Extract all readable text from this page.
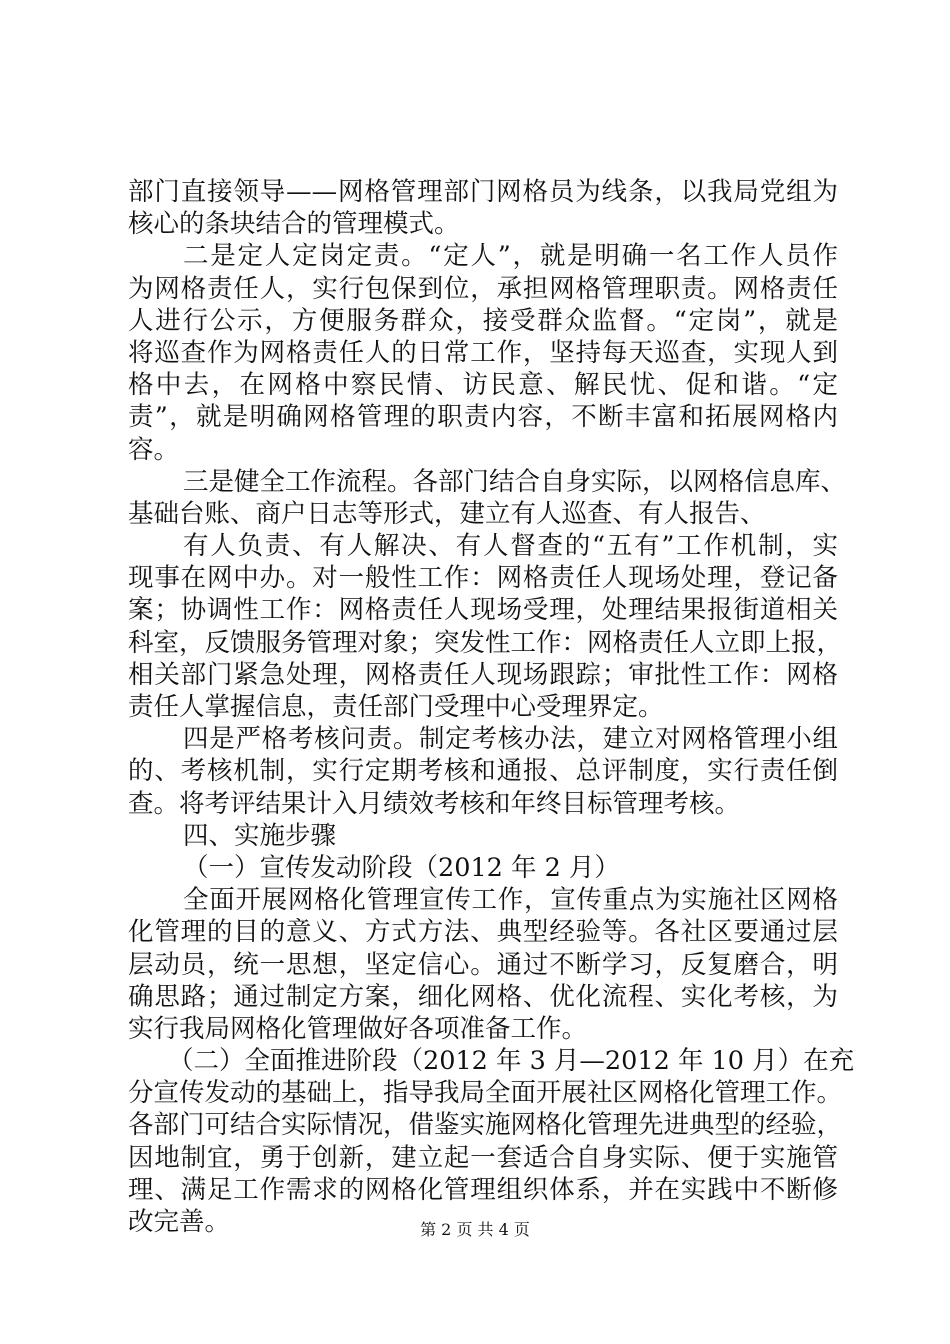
部门直接领导——网格管理部门网格员为线条，以我局党组为
核心的条块结合的管理模式。
二是定人定岗定责。“定人”，就是明确一名工作人员作
为网格责任人，实行包保到位，承担网格管理职责。网格责任
人进行公示，方便服务群众，接受群众监督。“定岗”，就是
将巡查作为网格责任人的日常工作，坚持每天巡查，实现人到
格中去，在网格中察民情、访民意、解民忧、促和谐。“定
责”，就是明确网格管理的职责内容，不断丰富和拓展网格内
容。
三是健全工作流程。各部门结合自身实际，以网格信息库、
基础台账、商户日志等形式，建立有人巡查、有人报告、
有人负责、有人解决、有人督查的“五有”工作机制，实
现事在网中办。对一般性工作：网格责任人现场处理，登记备
案；协调性工作：网格责任人现场受理，处理结果报街道相关
科室，反馈服务管理对象；突发性工作：网格责任人立即上报，
相关部门紧急处理，网格责任人现场跟踪；审批性工作：网格
责任人掌握信息，责任部门受理中心受理界定。
四是严格考核问责。制定考核办法，建立对网格管理小组
的、考核机制，实行定期考核和通报、总评制度，实行责任倒
查。将考评结果计入月绩效考核和年终目标管理考核。
四、实施步骤
（一）宣传发动阶段（2012 年 2 月）
全面开展网格化管理宣传工作，宣传重点为实施社区网格
化管理的目的意义、方式方法、典型经验等。各社区要通过层
层动员，统一思想，坚定信心。通过不断学习，反复磨合，明
确思路；通过制定方案，细化网格、优化流程、实化考核，为
实行我局网格化管理做好各项准备工作。
（二）全面推进阶段（2012 年 3 月—2012 年 10 月）在充
分宣传发动的基础上，指导我局全面开展社区网格化管理工作。
各部门可结合实际情况，借鉴实施网格化管理先进典型的经验，
因地制宜，勇于创新，建立起一套适合自身实际、便于实施管
理、满足工作需求的网格化管理组织体系，并在实践中不断修
改完善。	第 2 页 共 4 页
